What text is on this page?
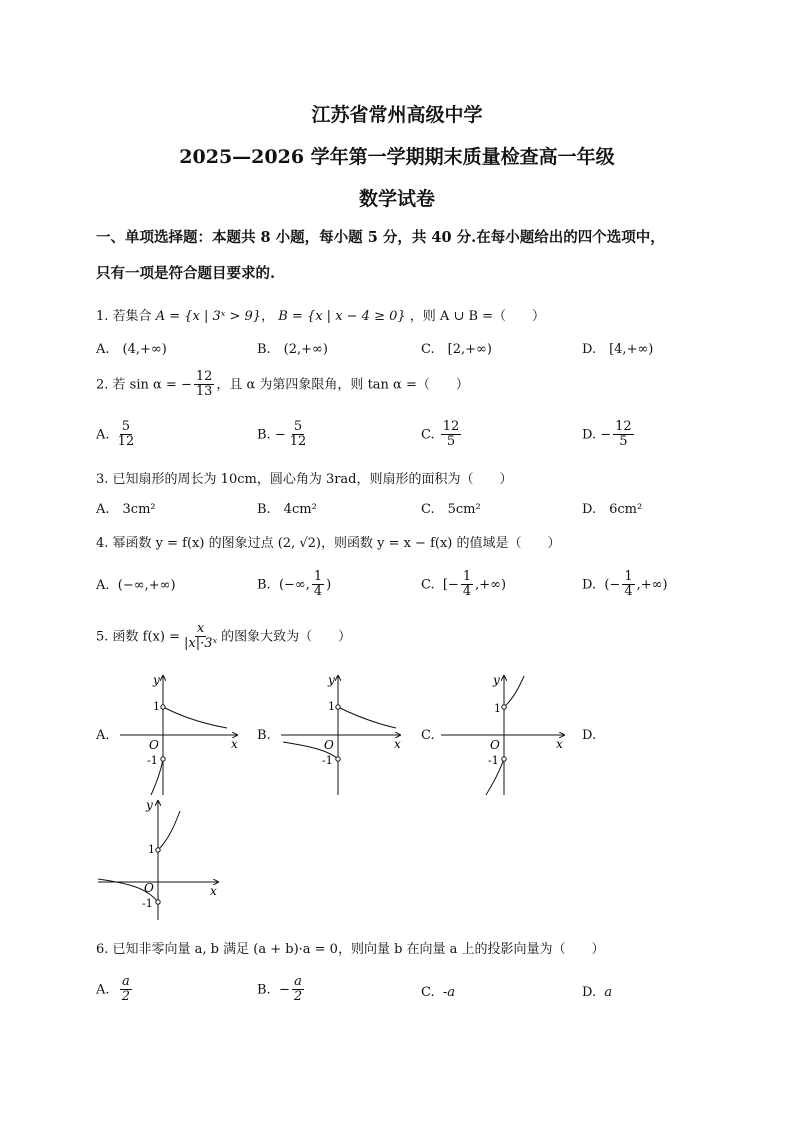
江苏省常州高级中学
2025—2026 学年第一学期期末质量检查高一年级
数学试卷
一、单项选择题：本题共 8 小题，每小题 5 分，共 40 分.在每小题给出的四个选项中，
只有一项是符合题目要求的.
1. 若集合 A = {x | 3ˣ > 9}， B = {x | x − 4 ≥ 0} ，则 A ∪ B =（　　）
A.　(4,+∞)	B.　(2,+∞)	C.　[2,+∞)	D.　[4,+∞)
2. 若 sin α = − $\frac{12}{13}$ ，且 α 为第四象限角，则 tan α =（　　）
A. $\frac{5}{12}$	B. − $\frac{5}{12}$	C. $\frac{12}{5}$	D. − $\frac{12}{5}$
3. 已知扇形的周长为 10cm，圆心角为 3rad，则扇形的面积为（　　）
A.　3cm²	B.　4cm²	C.　5cm²	D.　6cm²
4. 幂函数 y = f(x) 的图象过点 (2, √2)，则函数 y = x − f(x) 的值域是（　　）
A. (−∞,+∞)	B. (−∞, $\frac{1}{4}$ )	C. [− $\frac{1}{4}$ ,+∞)	D. (− $\frac{1}{4}$ ,+∞)
5. 函数 $f(x) = \frac{x}{\text{|x|·3ˣ}}$ 的图象大致为（　　）
A.	B.	C.	D.
y
x
O
1
-1
y
x
O
1
-1
y
x
O
1
-1
y
x
O
1
-1
6. 已知非零向量 a, b 满足 (a + b)·a = 0，则向量 b 在向量 a 上的投影向量为（　　）
A. $\frac{a}{2}$	B. − $\frac{a}{2}$	C. -a	D. a
